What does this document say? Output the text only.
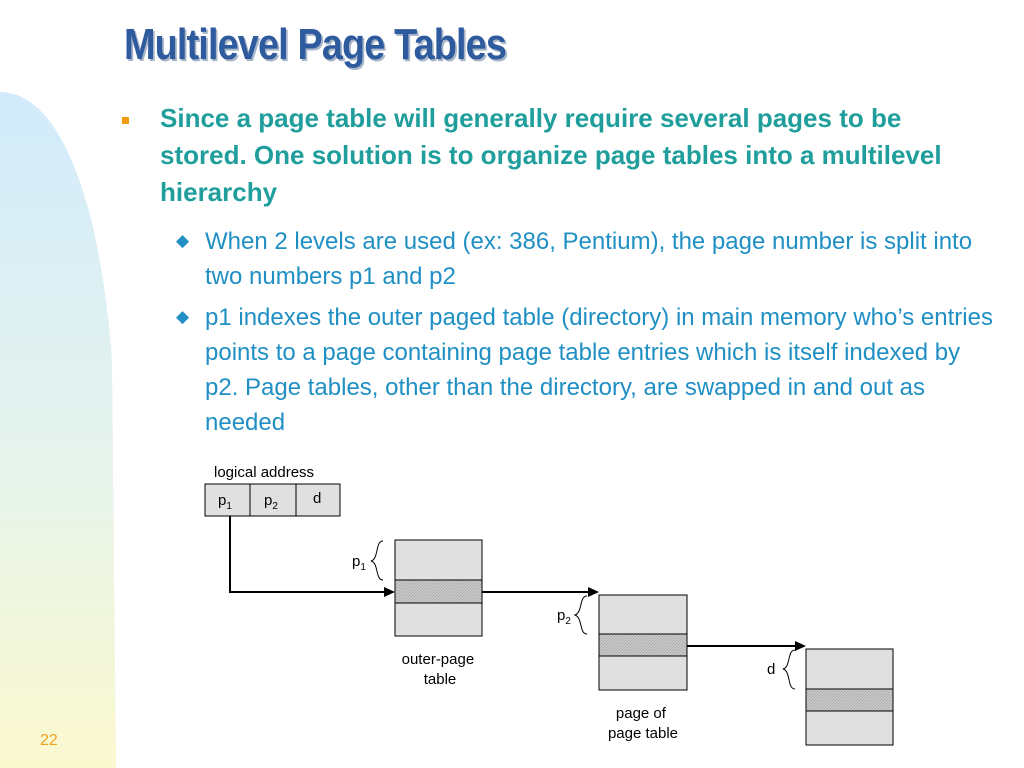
Multilevel Page Tables
Since a page table will generally require several pages to be stored. One solution is to organize page tables into a multilevel hierarchy
◆ When 2 levels are used (ex: 386, Pentium), the page number is split into two numbers p1 and p2
◆ p1 indexes the outer paged table (directory) in main memory who’s entries points to a page containing page table entries which is itself indexed by p2. Page tables, other than the directory, are swapped in and out as needed
logical address
$p_1$ $p_2$ d
$p_1$
$p_2$
d
outer-page table
page of page table
22
